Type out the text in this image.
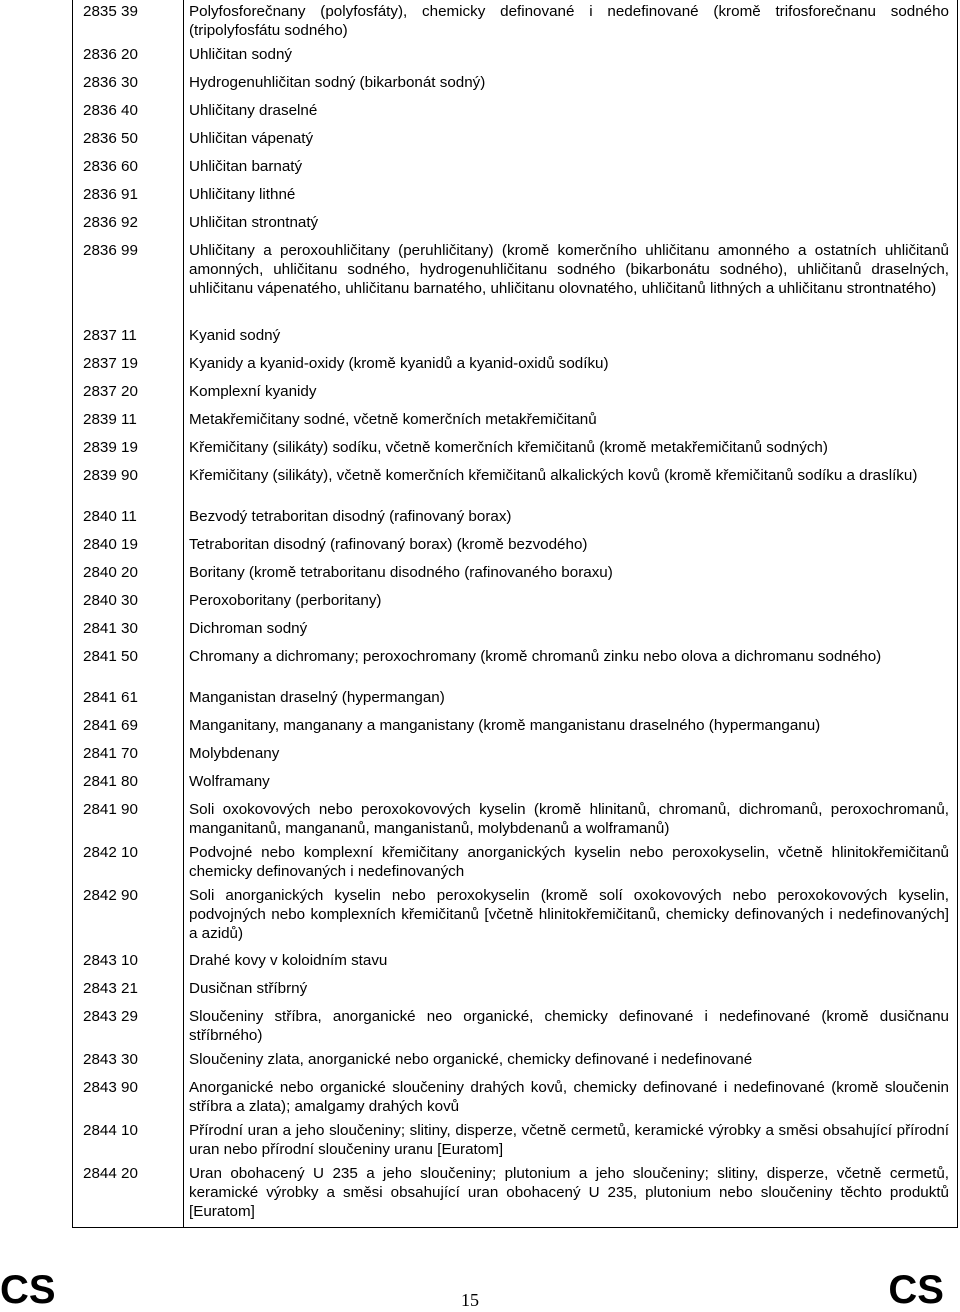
2835 39	Polyfosforečnany (polyfosfáty), chemicky definované i nedefinované (kromě trifosforečnanu sodného (tripolyfosfátu sodného)
2836 20	Uhličitan sodný
2836 30	Hydrogenuhličitan sodný (bikarbonát sodný)
2836 40	Uhličitany draselné
2836 50	Uhličitan vápenatý
2836 60	Uhličitan barnatý
2836 91	Uhličitany lithné
2836 92	Uhličitan strontnatý
2836 99	Uhličitany a peroxouhličitany (peruhličitany) (kromě komerčního uhličitanu amonného a ostatních uhličitanů amonných, uhličitanu sodného, hydrogenuhličitanu sodného (bikarbonátu sodného), uhličitanů draselných, uhličitanu vápenatého, uhličitanu barnatého, uhličitanu olovnatého, uhličitanů lithných a uhličitanu strontnatého)
2837 11	Kyanid sodný
2837 19	Kyanidy a kyanid-oxidy (kromě kyanidů a kyanid-oxidů sodíku)
2837 20	Komplexní kyanidy
2839 11	Metakřemičitany sodné, včetně komerčních metakřemičitanů
2839 19	Křemičitany (silikáty) sodíku, včetně komerčních křemičitanů (kromě metakřemičitanů sodných)
2839 90	Křemičitany (silikáty), včetně komerčních křemičitanů alkalických kovů (kromě křemičitanů sodíku a draslíku)
2840 11	Bezvodý tetraboritan disodný (rafinovaný borax)
2840 19	Tetraboritan disodný (rafinovaný borax) (kromě bezvodého)
2840 20	Boritany (kromě tetraboritanu disodného (rafinovaného boraxu)
2840 30	Peroxoboritany (perboritany)
2841 30	Dichroman sodný
2841 50	Chromany a dichromany; peroxochromany (kromě chromanů zinku nebo olova a dichromanu sodného)
2841 61	Manganistan draselný (hypermangan)
2841 69	Manganitany, manganany a manganistany (kromě manganistanu draselného (hypermanganu)
2841 70	Molybdenany
2841 80	Wolframany
2841 90	Soli oxokovových nebo peroxokovových kyselin (kromě hlinitanů, chromanů, dichromanů, peroxochromanů, manganitanů, mangananů, manganistanů, molybdenanů a wolframanů)
2842 10	Podvojné nebo komplexní křemičitany anorganických kyselin nebo peroxokyselin, včetně hlinitokřemičitanů chemicky definovaných i nedefinovaných
2842 90	Soli anorganických kyselin nebo peroxokyselin (kromě solí oxokovových nebo peroxokovových kyselin, podvojných nebo komplexních křemičitanů [včetně hlinitokřemičitanů, chemicky definovaných i nedefinovaných] a azidů)
2843 10	Drahé kovy v koloidním stavu
2843 21	Dusičnan stříbrný
2843 29	Sloučeniny stříbra, anorganické neo organické, chemicky definované i nedefinované (kromě dusičnanu stříbrného)
2843 30	Sloučeniny zlata, anorganické nebo organické, chemicky definované i nedefinované
2843 90	Anorganické nebo organické sloučeniny drahých kovů, chemicky definované i nedefinované (kromě sloučenin stříbra a zlata); amalgamy drahých kovů
2844 10	Přírodní uran a jeho sloučeniny; slitiny, disperze, včetně cermetů, keramické výrobky a směsi obsahující přírodní uran nebo přírodní sloučeniny uranu [Euratom]
2844 20	Uran obohacený U 235 a jeho sloučeniny; plutonium a jeho sloučeniny; slitiny, disperze, včetně cermetů, keramické výrobky a směsi obsahující uran obohacený U 235, plutonium nebo sloučeniny těchto produktů [Euratom]
CS	15	CS
